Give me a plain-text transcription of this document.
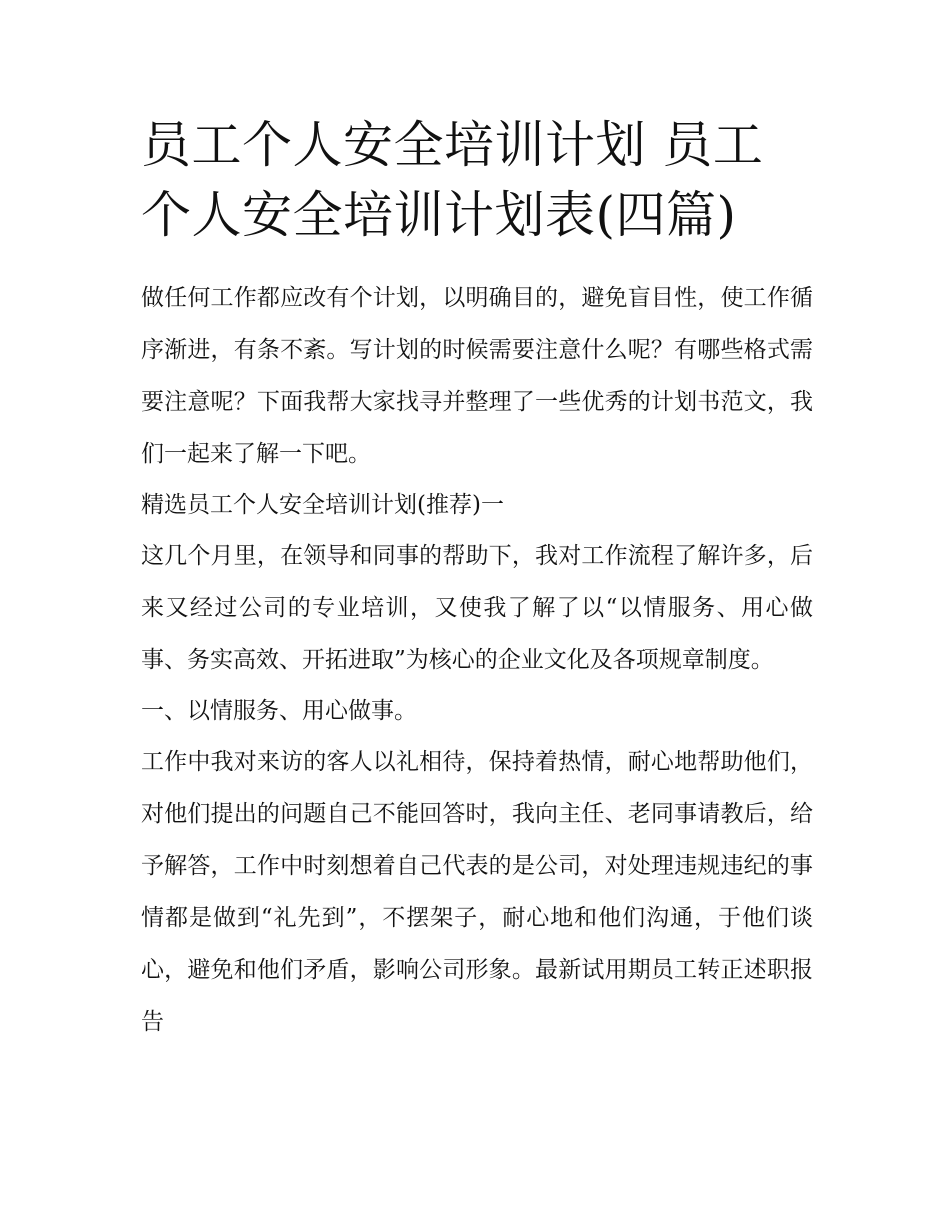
员工个人安全培训计划 员工个人安全培训计划表(四篇)

做任何工作都应改有个计划，以明确目的，避免盲目性，使工作循序渐进，有条不紊。写计划的时候需要注意什么呢？有哪些格式需要注意呢？下面我帮大家找寻并整理了一些优秀的计划书范文，我们一起来了解一下吧。

精选员工个人安全培训计划(推荐)一

这几个月里，在领导和同事的帮助下，我对工作流程了解许多，后来又经过公司的专业培训，又使我了解了以“以情服务、用心做事、务实高效、开拓进取”为核心的企业文化及各项规章制度。

一、以情服务、用心做事。

工作中我对来访的客人以礼相待，保持着热情，耐心地帮助他们，对他们提出的问题自己不能回答时，我向主任、老同事请教后，给予解答，工作中时刻想着自己代表的是公司，对处理违规违纪的事情都是做到“礼先到”，不摆架子，耐心地和他们沟通，于他们谈心，避免和他们矛盾，影响公司形象。最新试用期员工转正述职报告
